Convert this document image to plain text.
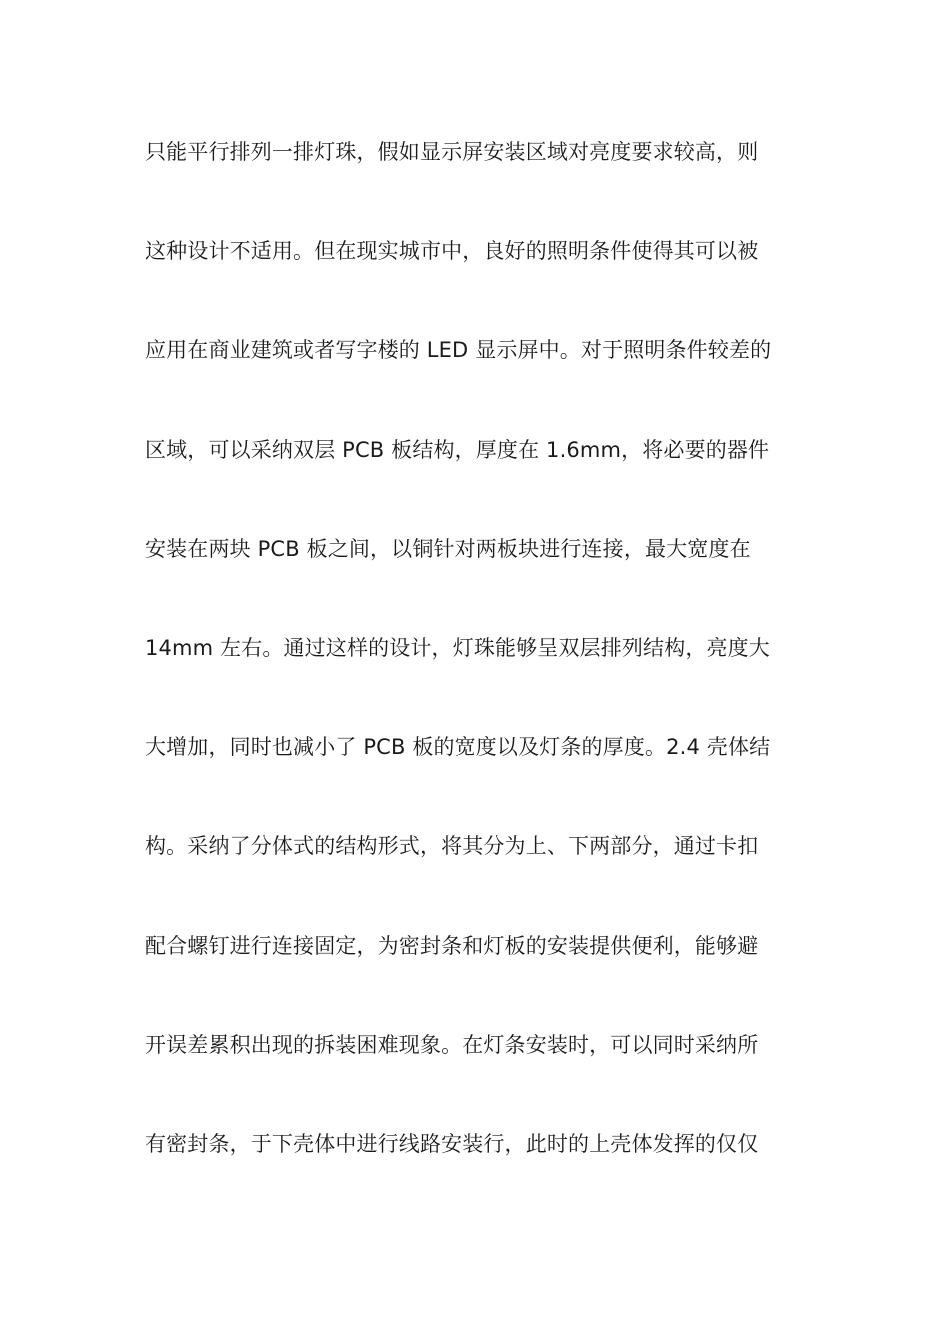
只能平行排列一排灯珠，假如显示屏安装区域对亮度要求较高，则
这种设计不适用。但在现实城市中，良好的照明条件使得其可以被
应用在商业建筑或者写字楼的 LED 显示屏中。对于照明条件较差的
区域，可以采纳双层 PCB 板结构，厚度在 1.6mm，将必要的器件
安装在两块 PCB 板之间，以铜针对两板块进行连接，最大宽度在
14mm 左右。通过这样的设计，灯珠能够呈双层排列结构，亮度大
大增加，同时也减小了 PCB 板的宽度以及灯条的厚度。2.4 壳体结
构。采纳了分体式的结构形式，将其分为上、下两部分，通过卡扣
配合螺钉进行连接固定，为密封条和灯板的安装提供便利，能够避
开误差累积出现的拆装困难现象。在灯条安装时，可以同时采纳所
有密封条，于下壳体中进行线路安装行，此时的上壳体发挥的仅仅
